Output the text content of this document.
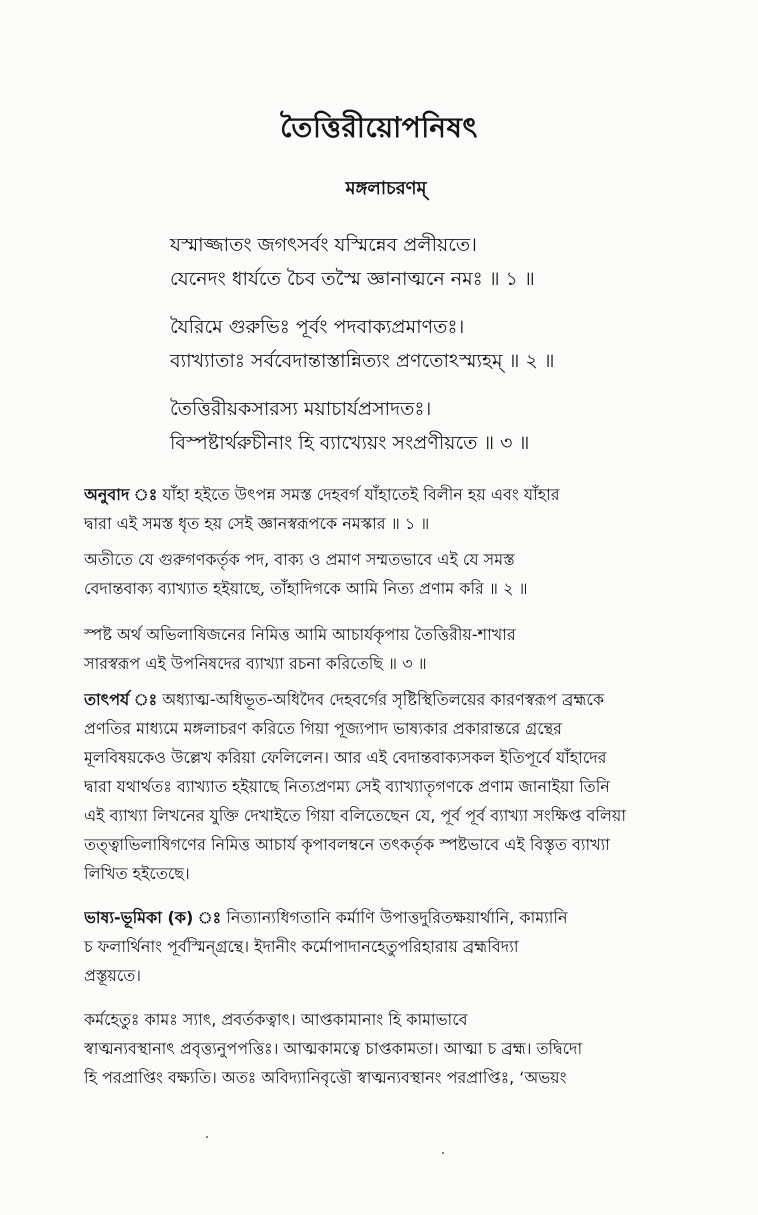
তৈত্তিরীয়োপনিষৎ
মঙ্গলাচরণম্
যস্মাজ্জাতং জগৎসর্বং যস্মিন্নেব প্রলীয়তে।
যেনেদং ধার্যতে চৈব তস্মৈ জ্ঞানাত্মনে নমঃ ॥ ১ ॥
যৈরিমে গুরুভিঃ পূর্বং পদবাক্যপ্রমাণতঃ।
ব্যাখ্যাতাঃ সর্ববেদান্তাস্তান্নিত্যং প্রণতোঽস্ম্যহম্ ॥ ২ ॥
তৈত্তিরীয়কসারস্য ময়াচার্যপ্রসাদতঃ।
বিস্পষ্টার্থরুচীনাং হি ব্যাখ্যেয়ং সংপ্রণীয়তে ॥ ৩ ॥
অনুবাদ ঃ যাঁহা হইতে উৎপন্ন সমস্ত দেহবর্গ যাঁহাতেই বিলীন হয় এবং যাঁহার
দ্বারা এই সমস্ত ধৃত হয় সেই জ্ঞানস্বরূপকে নমস্কার ॥ ১ ॥
অতীতে যে গুরুগণকর্তৃক পদ, বাক্য ও প্রমাণ সম্মতভাবে এই যে সমস্ত
বেদান্তবাক্য ব্যাখ্যাত হইয়াছে, তাঁহাদিগকে আমি নিত্য প্রণাম করি ॥ ২ ॥
স্পষ্ট অর্থ অভিলাষিজনের নিমিত্ত আমি আচার্যকৃপায় তৈত্তিরীয়-শাখার
সারস্বরূপ এই উপনিষদের ব্যাখ্যা রচনা করিতেছি ॥ ৩ ॥
তাৎপর্য ঃ অধ্যাত্ম-অধিভূত-অধিদৈব দেহবর্গের সৃষ্টিস্থিতিলয়ের কারণস্বরূপ ব্রহ্মকে
প্রণতির মাধ্যমে মঙ্গলাচরণ করিতে গিয়া পূজ্যপাদ ভাষ্যকার প্রকারান্তরে গ্রন্থের
মূলবিষয়কেও উল্লেখ করিয়া ফেলিলেন। আর এই বেদান্তবাক্যসকল ইতিপূর্বে যাঁহাদের
দ্বারা যথার্থতঃ ব্যাখ্যাত হইয়াছে নিত্যপ্রণম্য সেই ব্যাখ্যাতৃগণকে প্রণাম জানাইয়া তিনি
এই ব্যাখ্যা লিখনের যুক্তি দেখাইতে গিয়া বলিতেছেন যে, পূর্ব পূর্ব ব্যাখ্যা সংক্ষিপ্ত বলিয়া
তত্ত্বাভিলাষিগণের নিমিত্ত আচার্য কৃপাবলম্বনে তৎকর্তৃক স্পষ্টভাবে এই বিস্তৃত ব্যাখ্যা
লিখিত হইতেছে।
ভাষ্য-ভূমিকা (ক) ঃ নিত্যান্যধিগতানি কর্মাণি উপাত্তদুরিতক্ষয়ার্থানি, কাম্যানি
চ ফলার্থিনাং পূর্বস্মিন্গ্রন্থে। ইদানীং কর্মোপাদানহেতুপরিহারায় ব্রহ্মবিদ্যা
প্রস্তূয়তে।
কর্মহেতুঃ কামঃ স্যাৎ, প্রবর্তকত্বাৎ। আপ্তকামানাং হি কামাভাবে
স্বাত্মন্যবস্থানাৎ প্রবৃত্ত্যনুপপত্তিঃ। আত্মকামত্বে চাপ্তকামতা। আত্মা চ ব্রহ্ম। তদ্বিদো
হি পরপ্রাপ্তিং বক্ষ্যতি। অতঃ অবিদ্যানিবৃত্তৌ স্বাত্মন্যবস্থানং পরপ্রাপ্তিঃ, ‘অভয়ং
